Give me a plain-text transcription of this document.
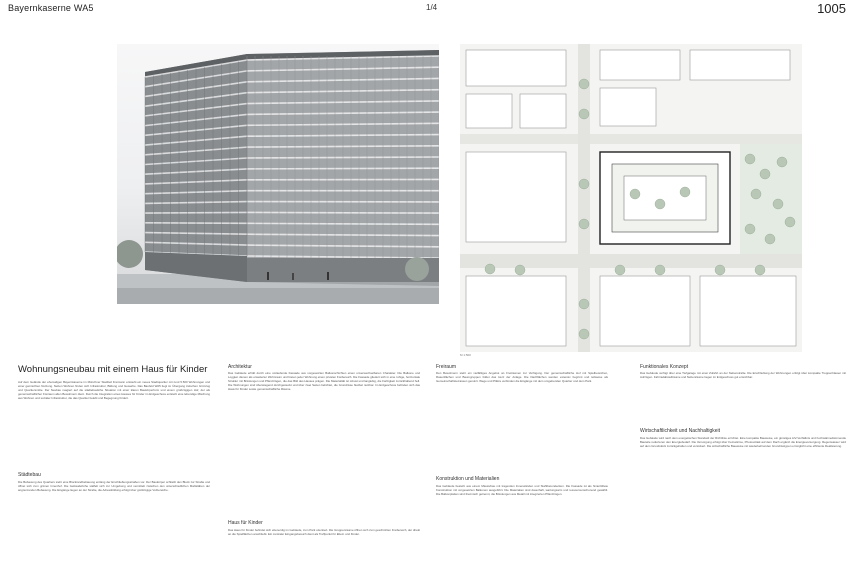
Bayernkaserne WA5	1/4	1005
M 1:500
Wohnungsneubau mit einem Haus für Kinder
Auf dem Gelände der ehemaligen Bayernkaserne im Münchner Stadtteil Freimann entsteht ein neues Stadtquartier mit rund 5.500 Wohnungen und einer gemischten Nutzung. Neben Wohnen finden sich Infrastruktur, Bildung und Gewerbe. Das Baufeld WA5 liegt im Übergang zwischen Grünzug und Quartiersmitte. Der Neubau reagiert auf die städtebauliche Situation mit einer klaren Baukörperform und einem großzügigen Hof, der als gemeinschaftlicher Freiraum allen Bewohnern dient. Durch die Integration eines Hauses für Kinder im Erdgeschoss entsteht eine lebendige Mischung aus Wohnen und sozialer Infrastruktur, die das Quartier belebt und Begegnung fördert.
Städtebau
Die Bebauung des Quartiers sieht eine Blockrandbebauung entlang der Erschließungsstraßen vor. Der Baukörper schließt den Block zur Straße und öffnet sich zum grünen Innenhof. Die Gebäudehöhe staffelt sich zur Umgebung und vermittelt zwischen den unterschiedlichen Maßstäben der angrenzenden Bebauung. Die Eingänge liegen an der Straße, die Adressbildung erfolgt über großzügige Vorbereiche.
Architektur
Das Gebäude erhält durch eine umlaufende Fassade aus vorgesetzten Balkonschichten einen unverwechselbaren Charakter. Die Balkone und Loggien dienen als erweiterter Wohnraum und bieten jeder Wohnung einen privaten Freibereich. Die Fassade gliedert sich in eine ruhige, horizontale Struktur mit Brüstungen und Pflanztrögen, die das Bild des Hauses prägen. Die Materialität ist robust und langlebig, die Farbigkeit zurückhaltend hell. Die Wohnungen sind überwiegend durchgesteckt und über zwei Seiten belichtet, die Grundrisse flexibel nutzbar. Im Erdgeschoss befinden sich das Haus für Kinder sowie gemeinschaftliche Räume.
Haus für Kinder
Das Haus für Kinder befindet sich ebenerdig im Gebäude, zum Park orientiert. Die Gruppenräume öffnen sich zum geschützten Freibereich, der direkt an die Spielflächen anschließt. Ein zentraler Eingangsbereich dient als Treffpunkt für Eltern und Kinder.
Freiraum
Den Bewohnern steht ein vielfältiges Angebot an Freiräumen zur Verfügung. Der gemeinschaftliche Hof mit Spielbereichen, Rasenflächen und Baumgruppen bildet das Herz der Anlage. Die Dachflächen werden extensiv begrünt und teilweise als Gemeinschaftsterrassen genutzt. Wege und Plätze verbinden die Eingänge mit dem umgebenden Quartier und dem Park.
Konstruktion und Materialien
Das Gebäude besteht aus einem Massivbau mit tragenden Innenwänden und Stahlbetondecken. Die Fassade ist als hinterlüftete Konstruktion mit vorgesetzten Balkonen ausgeführt. Die Materialien sind dauerhaft, wartungsarm und ressourcenschonend gewählt. Die Balkonplatten sind thermisch getrennt, die Brüstungen aus Metall mit integrierten Pflanztrögen.
Funktionales Konzept
Das Gebäude verfügt über eine Tiefgarage mit einer Zufahrt an der Nebenstraße. Die Erschließung der Wohnungen erfolgt über kompakte Treppenhäuser mit Aufzügen. Fahrradabstellräume und Nebenräume liegen im Erdgeschoss gut erreichbar.
Wirtschaftlichkeit und Nachhaltigkeit
Das Gebäude wird nach dem energetischen Standard der Richtlinie errichtet. Eine kompakte Bauweise, ein günstiges A/V-Verhältnis und hochwärmedämmende Bauteile reduzieren den Energiebedarf. Die Versorgung erfolgt über Fernwärme, Photovoltaik auf dem Dach ergänzt die Energieversorgung. Regenwasser wird auf dem Grundstück zurückgehalten und versickert. Die wirtschaftliche Bauweise mit wiederkehrenden Grundrisstypen ermöglicht eine effiziente Realisierung.
